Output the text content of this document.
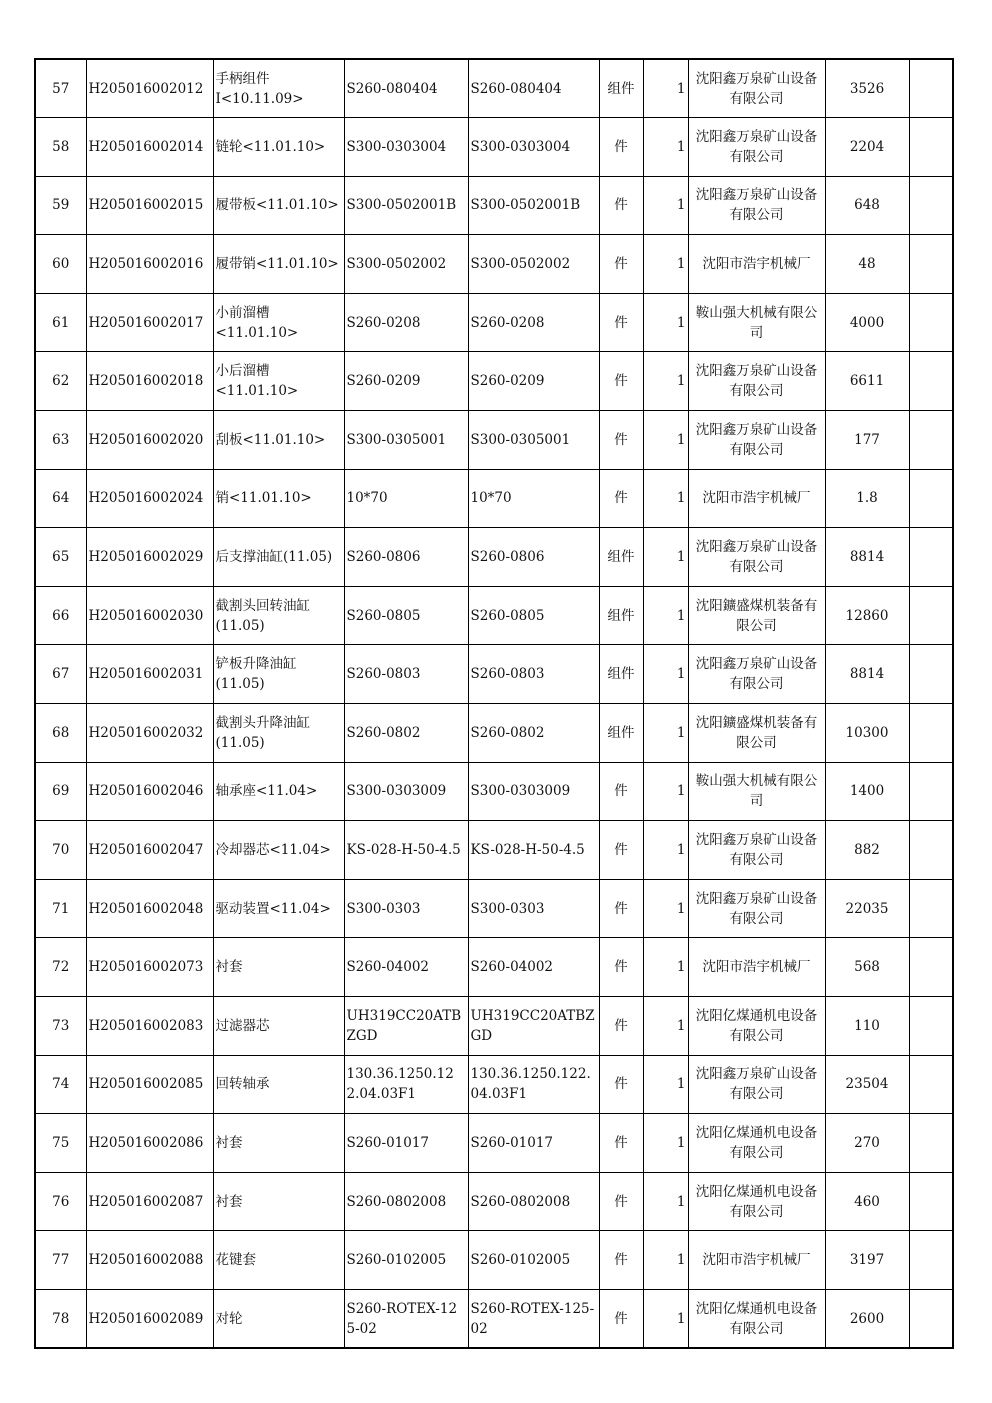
57	H205016002012	手柄组件Ⅰ<10.11.09>	S260-080404	S260-080404	组件	1	沈阳鑫万泉矿山设备有限公司	3526	
58	H205016002014	链轮<11.01.10>	S300-0303004	S300-0303004	件	1	沈阳鑫万泉矿山设备有限公司	2204	
59	H205016002015	履带板<11.01.10>	S300-0502001B	S300-0502001B	件	1	沈阳鑫万泉矿山设备有限公司	648	
60	H205016002016	履带销<11.01.10>	S300-0502002	S300-0502002	件	1	沈阳市浩宇机械厂	48	
61	H205016002017	小前溜槽<11.01.10>	S260-0208	S260-0208	件	1	鞍山强大机械有限公司	4000	
62	H205016002018	小后溜槽<11.01.10>	S260-0209	S260-0209	件	1	沈阳鑫万泉矿山设备有限公司	6611	
63	H205016002020	刮板<11.01.10>	S300-0305001	S300-0305001	件	1	沈阳鑫万泉矿山设备有限公司	177	
64	H205016002024	销<11.01.10>	10*70	10*70	件	1	沈阳市浩宇机械厂	1.8	
65	H205016002029	后支撑油缸(11.05)	S260-0806	S260-0806	组件	1	沈阳鑫万泉矿山设备有限公司	8814	
66	H205016002030	截割头回转油缸(11.05)	S260-0805	S260-0805	组件	1	沈阳鑛盛煤机装备有限公司	12860	
67	H205016002031	铲板升降油缸(11.05)	S260-0803	S260-0803	组件	1	沈阳鑫万泉矿山设备有限公司	8814	
68	H205016002032	截割头升降油缸(11.05)	S260-0802	S260-0802	组件	1	沈阳鑛盛煤机装备有限公司	10300	
69	H205016002046	轴承座<11.04>	S300-0303009	S300-0303009	件	1	鞍山强大机械有限公司	1400	
70	H205016002047	冷却器芯<11.04>	KS-028-H-50-4.5	KS-028-H-50-4.5	件	1	沈阳鑫万泉矿山设备有限公司	882	
71	H205016002048	驱动装置<11.04>	S300-0303	S300-0303	件	1	沈阳鑫万泉矿山设备有限公司	22035	
72	H205016002073	衬套	S260-04002	S260-04002	件	1	沈阳市浩宇机械厂	568	
73	H205016002083	过滤器芯	UH319CC20ATBZGD	UH319CC20ATBZGD	件	1	沈阳亿煤通机电设备有限公司	110	
74	H205016002085	回转轴承	130.36.1250.122.04.03F1	130.36.1250.122.04.03F1	件	1	沈阳鑫万泉矿山设备有限公司	23504	
75	H205016002086	衬套	S260-01017	S260-01017	件	1	沈阳亿煤通机电设备有限公司	270	
76	H205016002087	衬套	S260-0802008	S260-0802008	件	1	沈阳亿煤通机电设备有限公司	460	
77	H205016002088	花键套	S260-0102005	S260-0102005	件	1	沈阳市浩宇机械厂	3197	
78	H205016002089	对轮	S260-ROTEX-125-02	S260-ROTEX-125-02	件	1	沈阳亿煤通机电设备有限公司	2600	
